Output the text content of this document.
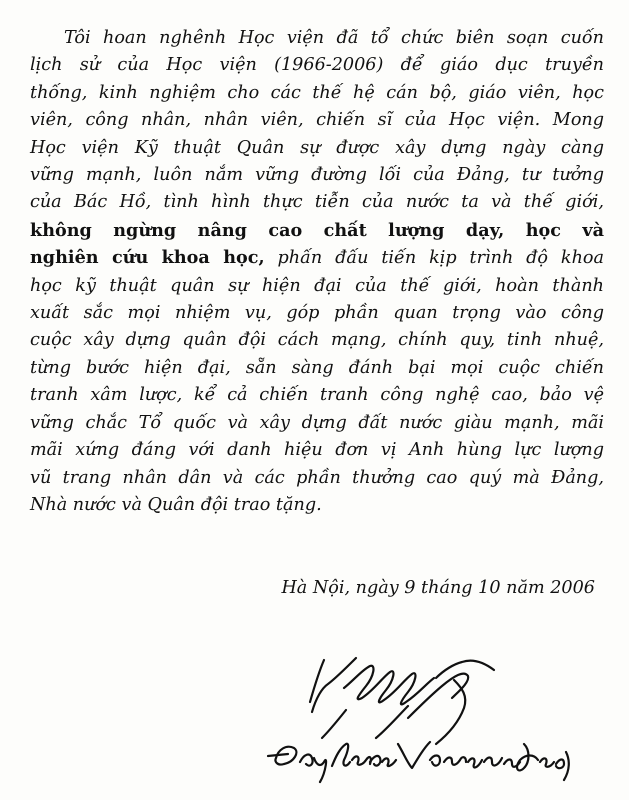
Tôi hoan nghênh Học viện đã tổ chức biên soạn cuốn
lịch sử của Học viện (1966-2006) để giáo dục truyền
thống, kinh nghiệm cho các thế hệ cán bộ, giáo viên, học
viên, công nhân, nhân viên, chiến sĩ của Học viện. Mong
Học viện Kỹ thuật Quân sự được xây dựng ngày càng
vững mạnh, luôn nắm vững đường lối của Đảng, tư tưởng
của Bác Hồ, tình hình thực tiễn của nước ta và thế giới,
không ngừng nâng cao chất lượng dạy, học và
nghiên cứu khoa học, phấn đấu tiến kịp trình độ khoa
học kỹ thuật quân sự hiện đại của thế giới, hoàn thành
xuất sắc mọi nhiệm vụ, góp phần quan trọng vào công
cuộc xây dựng quân đội cách mạng, chính quy, tinh nhuệ,
từng bước hiện đại, sẵn sàng đánh bại mọi cuộc chiến
tranh xâm lược, kể cả chiến tranh công nghệ cao, bảo vệ
vững chắc Tổ quốc và xây dựng đất nước giàu mạnh, mãi
mãi xứng đáng với danh hiệu đơn vị Anh hùng lực lượng
vũ trang nhân dân và các phần thưởng cao quý mà Đảng,
Nhà nước và Quân đội trao tặng.
Hà Nội, ngày 9 tháng 10 năm 2006
